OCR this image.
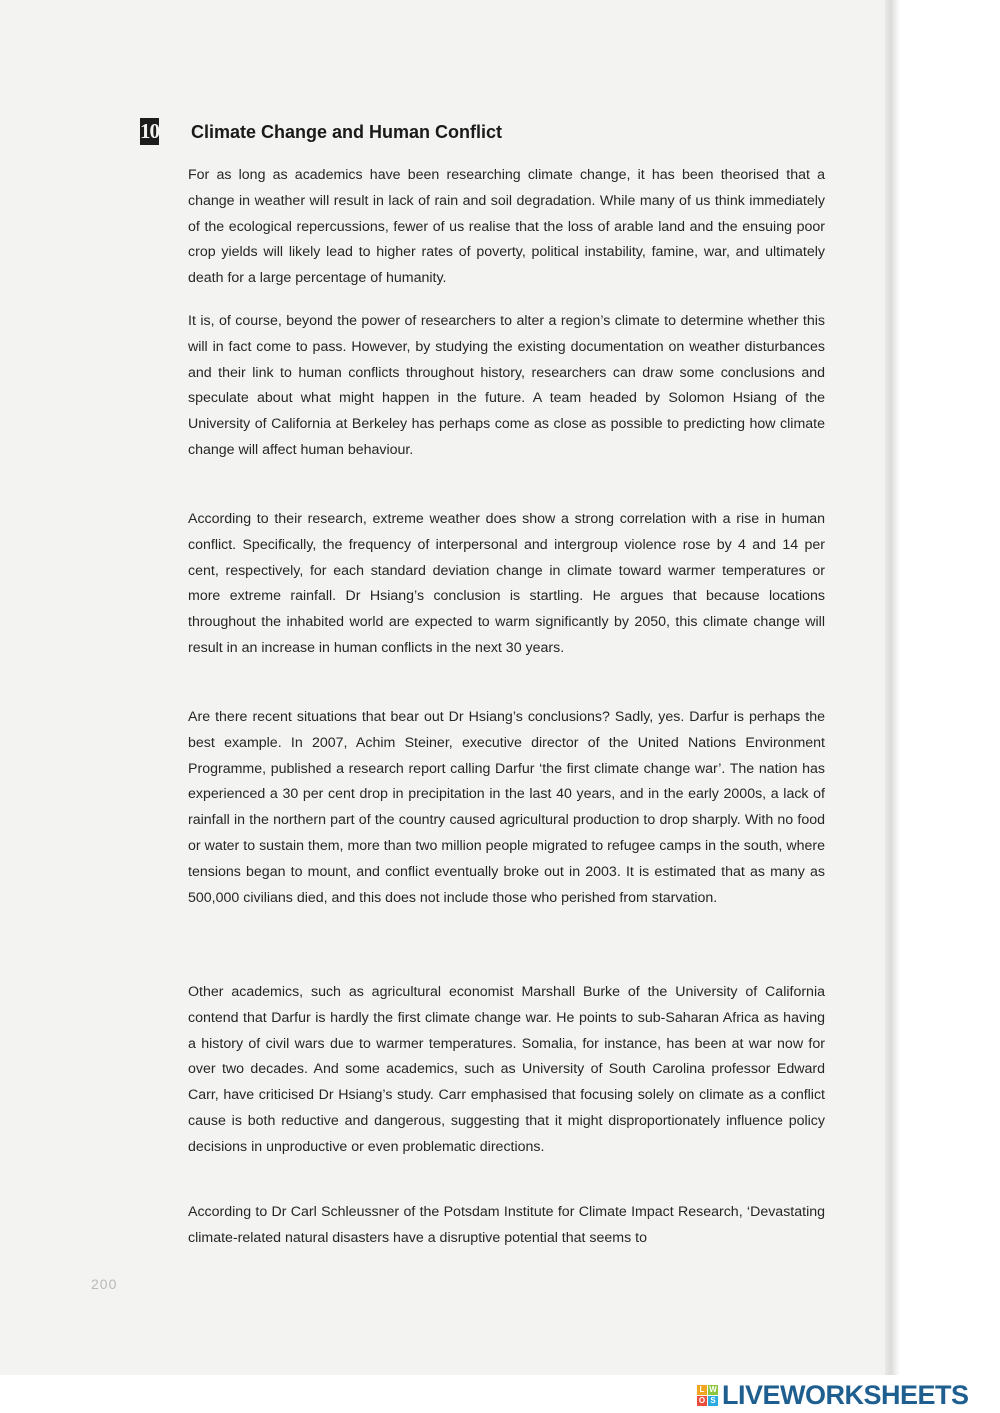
10 Climate Change and Human Conflict

For as long as academics have been researching climate change, it has been theorised that a change in weather will result in lack of rain and soil degradation. While many of us think immediately of the ecological repercussions, fewer of us realise that the loss of arable land and the ensuing poor crop yields will likely lead to higher rates of poverty, political instability, famine, war, and ultimately death for a large percentage of humanity.

It is, of course, beyond the power of researchers to alter a region’s climate to determine whether this will in fact come to pass. However, by studying the existing documentation on weather disturbances and their link to human conflicts throughout history, researchers can draw some conclusions and speculate about what might happen in the future. A team headed by Solomon Hsiang of the University of California at Berkeley has perhaps come as close as possible to predicting how climate change will affect human behaviour.

According to their research, extreme weather does show a strong correlation with a rise in human conflict. Specifically, the frequency of interpersonal and intergroup violence rose by 4 and 14 per cent, respectively, for each standard deviation change in climate toward warmer temperatures or more extreme rainfall. Dr Hsiang’s conclusion is startling. He argues that because locations throughout the inhabited world are expected to warm significantly by 2050, this climate change will result in an increase in human conflicts in the next 30 years.

Are there recent situations that bear out Dr Hsiang’s conclusions? Sadly, yes. Darfur is perhaps the best example. In 2007, Achim Steiner, executive director of the United Nations Environment Programme, published a research report calling Darfur ‘the first climate change war’. The nation has experienced a 30 per cent drop in precipitation in the last 40 years, and in the early 2000s, a lack of rainfall in the northern part of the country caused agricultural production to drop sharply. With no food or water to sustain them, more than two million people migrated to refugee camps in the south, where tensions began to mount, and conflict eventually broke out in 2003. It is estimated that as many as 500,000 civilians died, and this does not include those who perished from starvation.

Other academics, such as agricultural economist Marshall Burke of the University of California contend that Darfur is hardly the first climate change war. He points to sub-Saharan Africa as having a history of civil wars due to warmer temperatures. Somalia, for instance, has been at war now for over two decades. And some academics, such as University of South Carolina professor Edward Carr, have criticised Dr Hsiang’s study. Carr emphasised that focusing solely on climate as a conflict cause is both reductive and dangerous, suggesting that it might disproportionately influence policy decisions in unproductive or even problematic directions.

According to Dr Carl Schleussner of the Potsdam Institute for Climate Impact Research, ‘Devastating climate-related natural disasters have a disruptive potential that seems to

200
L W
O S LIVEWORKSHEETS
